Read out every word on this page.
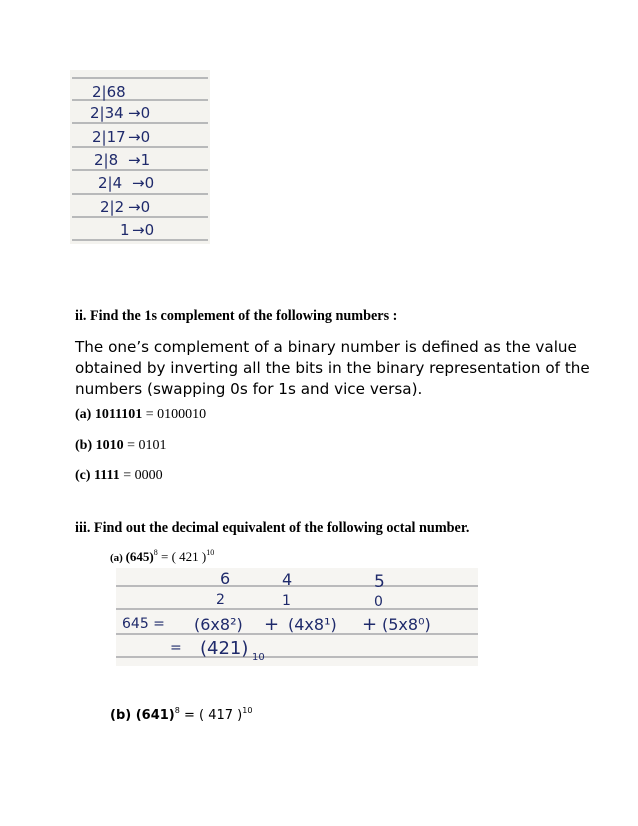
2|68
2|34 →0
2|17 →0
2|8 →1
2|4 →0
2|2 →0
1 →0
ii. Find the 1s complement of the following numbers :
The one’s complement of a binary number is defined as the value
obtained by inverting all the bits in the binary representation of the
numbers (swapping 0s for 1s and vice versa).
(a) 1011101 = 0100010
(b) 1010 = 0101
(c) 1111 = 0000
iii. Find out the decimal equivalent of the following octal number.
(a) $(645)^8$ = ( 421 )$^{10}$
6	4	5
2	1	0
645 = (6x8²) + (4x8¹) + (5x8⁰)
= (421) 10
(b) $(641)^8$ = ( 417 )$^{10}$
